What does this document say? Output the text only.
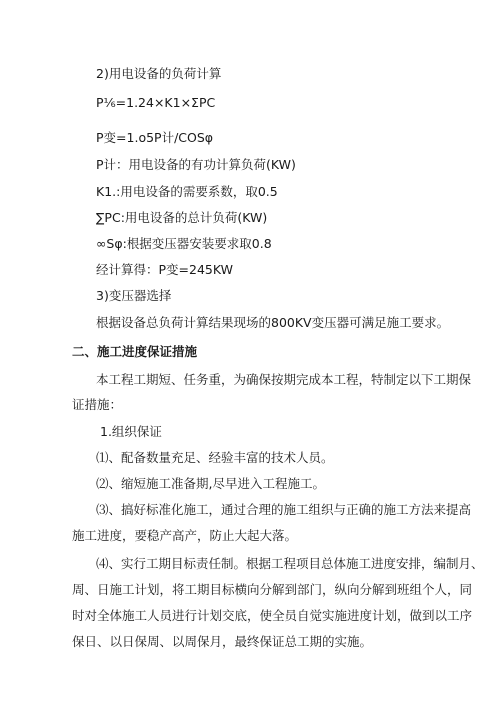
2)用电设备的负荷计算
P⅙=1.24×K1×ΣPC
P变=1.o5P计/COSφ
P计：用电设备的有功计算负荷(KW)
K1.:用电设备的需要系数，取0.5
∑PC:用电设备的总计负荷(KW)
∞Sφ:根据变压器安装要求取0.8
经计算得：P变=245KW
3)变压器选择
根据设备总负荷计算结果现场的800KV变压器可满足施工要求。
二、施工进度保证措施
本工程工期短、任务重，为确保按期完成本工程，特制定以下工期保
证措施：
1.组织保证
⑴、配备数量充足、经验丰富的技术人员。
⑵、缩短施工准备期,尽早进入工程施工。
⑶、搞好标准化施工，通过合理的施工组织与正确的施工方法来提高
施工进度，要稳产高产，防止大起大落。
⑷、实行工期目标责任制。根据工程项目总体施工进度安排，编制月、
周、日施工计划，将工期目标横向分解到部门，纵向分解到班组个人，同
时对全体施工人员进行计划交底，使全员自觉实施进度计划，做到以工序
保日、以日保周、以周保月，最终保证总工期的实施。
